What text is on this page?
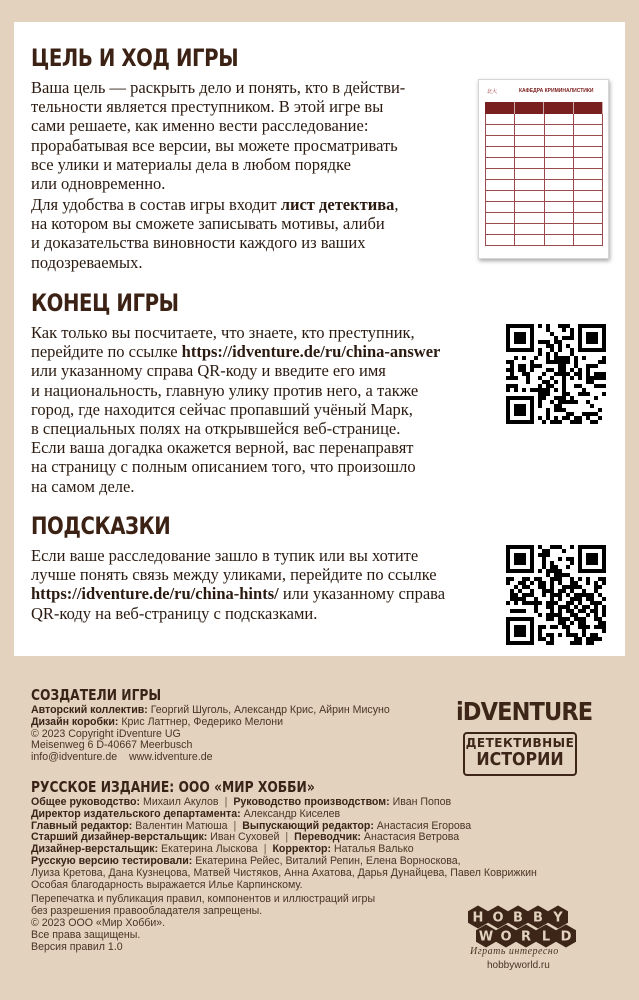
ЦЕЛЬ И ХОД ИГРЫ
Ваша цель — раскрыть дело и понять, кто в действи-
тельности является преступником. В этой игре вы
сами решаете, как именно вести расследование:
прорабатывая все версии, вы можете просматривать
все улики и материалы дела в любом порядке
или одновременно.
Для удобства в состав игры входит лист детектива,
на котором вы сможете записывать мотивы, алиби
и доказательства виновности каждого из ваших
подозреваемых.
北大	КАФЕДРА КРИМИНАЛИСТИКИ
КОНЕЦ ИГРЫ
Как только вы посчитаете, что знаете, кто преступник,
перейдите по ссылке https://idventure.de/ru/china-answer
или указанному справа QR-коду и введите его имя
и национальность, главную улику против него, а также
город, где находится сейчас пропавший учёный Марк,
в специальных полях на открывшейся веб-странице.
Если ваша догадка окажется верной, вас перенаправят
на страницу с полным описанием того, что произошло
на самом деле.
ПОДСКАЗКИ
Если ваше расследование зашло в тупик или вы хотите
лучше понять связь между уликами, перейдите по ссылке
https://idventure.de/ru/china-hints/ или указанному справа
QR-коду на веб-страницу с подсказками.
СОЗДАТЕЛИ ИГРЫ
Авторский коллектив: Георгий Шуголь, Александр Крис, Айрин Мисуно
Дизайн коробки: Крис Латтнер, Федерико Мелони
© 2023 Copyright iDventure UG
Meisenweg 6 D-40667 Meerbusch
info@idventure.de www.idventure.de
РУССКОЕ ИЗДАНИЕ: ООО «МИР ХОББИ»
Общее руководство: Михаил Акулов | Руководство производством: Иван Попов
Директор издательского департамента: Александр Киселев
Главный редактор: Валентин Матюша | Выпускающий редактор: Анастасия Егорова
Старший дизайнер-верстальщик: Иван Суховей | Переводчик: Анастасия Ветрова
Дизайнер-верстальщик: Екатерина Лыскова | Корректор: Наталья Валько
Русскую версию тестировали: Екатерина Рейес, Виталий Репин, Елена Ворноскова,
Луиза Кретова, Дана Кузнецова, Матвей Чистяков, Анна Ахатова, Дарья Дунайцева, Павел Коврижкин
Особая благодарность выражается Илье Карпинскому.
Перепечатка и публикация правил, компонентов и иллюстраций игры
без разрешения правообладателя запрещены.
© 2023 ООО «Мир Хобби».
Все права защищены.
Версия правил 1.0
iDVENTURE
ДЕТЕКТИВНЫЕ
ИСТОРИИ
H O B B Y
W O R L D
Играть интересно
hobbyworld.ru
